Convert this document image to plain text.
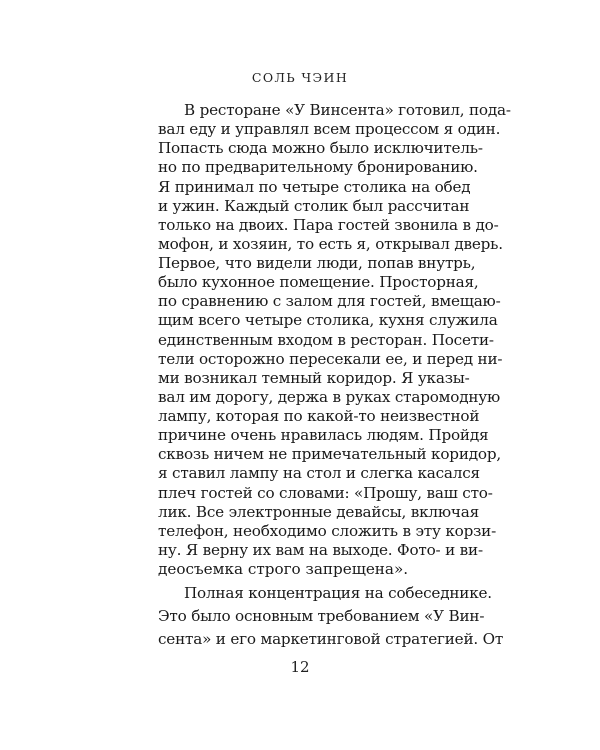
СОЛЬ ЧЭИН
В ресторане «У Винсента» готовил, пода-
вал еду и управлял всем процессом я один.
Попасть сюда можно было исключитель-
но по предварительному бронированию.
Я принимал по четыре столика на обед
и ужин. Каждый столик был рассчитан
только на двоих. Пара гостей звонила в до-
мофон, и хозяин, то есть я, открывал дверь.
Первое, что видели люди, попав внутрь,
было кухонное помещение. Просторная,
по сравнению с залом для гостей, вмещаю-
щим всего четыре столика, кухня служила
единственным входом в ресторан. Посети-
тели осторожно пересекали ее, и перед ни-
ми возникал темный коридор. Я указы-
вал им дорогу, держа в руках старомодную
лампу, которая по какой-то неизвестной
причине очень нравилась людям. Пройдя
сквозь ничем не примечательный коридор,
я ставил лампу на стол и слегка касался
плеч гостей со словами: «Прошу, ваш сто-
лик. Все электронные девайсы, включая
телефон, необходимо сложить в эту корзи-
ну. Я верну их вам на выходе. Фото- и ви-
деосъемка строго запрещена».
12
Полная концентрация на собеседнике.
Это было основным требованием «У Вин-
сента» и его маркетинговой стратегией. От
